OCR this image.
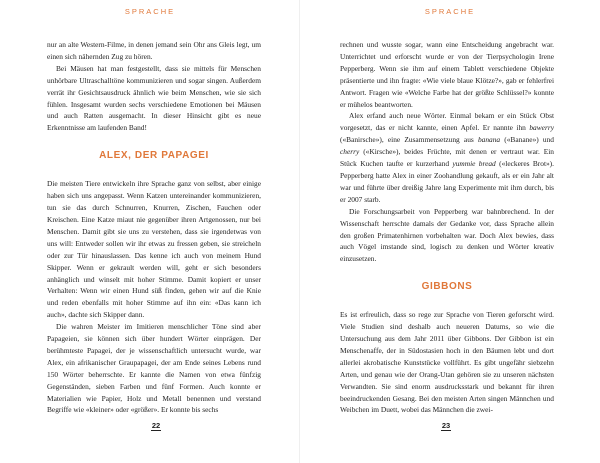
SPRACHE

nur an alte Western-Filme, in denen jemand sein Ohr ans Gleis legt, um einen sich nähernden Zug zu hören.

Bei Mäusen hat man festgestellt, dass sie mittels für Menschen unhörbare Ultraschalltöne kommunizieren und sogar singen. Außerdem verrät ihr Gesichtsausdruck ähnlich wie beim Menschen, wie sie sich fühlen. Insgesamt wurden sechs verschiedene Emotionen bei Mäusen und auch Ratten ausgemacht. In dieser Hinsicht gibt es neue Erkenntnisse am laufenden Band!

ALEX, DER PAPAGEI

Die meisten Tiere entwickeln ihre Sprache ganz von selbst, aber einige haben sich uns angepasst. Wenn Katzen untereinander kommunizieren, tun sie das durch Schnurren, Knurren, Zischen, Fauchen oder Kreischen. Eine Katze miaut nie gegenüber ihren Artgenossen, nur bei Menschen. Damit gibt sie uns zu verstehen, dass sie irgendetwas von uns will: Entweder sollen wir ihr etwas zu fressen geben, sie streicheln oder zur Tür hinauslassen. Das kenne ich auch von meinem Hund Skipper. Wenn er gekrault werden will, geht er sich besonders anhänglich und winselt mit hoher Stimme. Damit kopiert er unser Verhalten: Wenn wir einen Hund süß finden, gehen wir auf die Knie und reden ebenfalls mit hoher Stimme auf ihn ein: «Das kann ich auch», dachte sich Skipper dann.

Die wahren Meister im Imitieren menschlicher Töne sind aber Papageien, sie können sich über hundert Wörter einprägen. Der berühmteste Papagei, der je wissenschaftlich untersucht wurde, war Alex, ein afrikanischer Graupapagei, der am Ende seines Lebens rund 150 Wörter beherrschte. Er kannte die Namen von etwa fünfzig Gegenständen, sieben Farben und fünf Formen. Auch konnte er Materialien wie Papier, Holz und Metall benennen und verstand Begriffe wie «kleiner» oder «größer». Er konnte bis sechs

22
SPRACHE

rechnen und wusste sogar, wann eine Entscheidung angebracht war. Unterrichtet und erforscht wurde er von der Tierpsychologin Irene Pepperberg. Wenn sie ihm auf einem Tablett verschiedene Objekte präsentierte und ihn fragte: «Wie viele blaue Klötze?», gab er fehlerfrei Antwort. Fragen wie «Welche Farbe hat der größte Schlüssel?» konnte er mühelos beantworten.

Alex erfand auch neue Wörter. Einmal bekam er ein Stück Obst vorgesetzt, das er nicht kannte, einen Apfel. Er nannte ihn bawerry («Banirsche»), eine Zusammensetzung aus banana («Banane») und cherry («Kirsche»), beides Früchte, mit denen er vertraut war. Ein Stück Kuchen taufte er kurzerhand yummie bread («leckeres Brot»). Pepperberg hatte Alex in einer Zoohandlung gekauft, als er ein Jahr alt war und führte über dreißig Jahre lang Experimente mit ihm durch, bis er 2007 starb.

Die Forschungsarbeit von Pepperberg war bahnbrechend. In der Wissenschaft herrschte damals der Gedanke vor, dass Sprache allein den großen Primatenhirnen vorbehalten war. Doch Alex bewies, dass auch Vögel imstande sind, logisch zu denken und Wörter kreativ einzusetzen.

GIBBONS

Es ist erfreulich, dass so rege zur Sprache von Tieren geforscht wird. Viele Studien sind deshalb auch neueren Datums, so wie die Untersuchung aus dem Jahr 2011 über Gibbons. Der Gibbon ist ein Menschenaffe, der in Südostasien hoch in den Bäumen lebt und dort allerlei akrobatische Kunststücke vollführt. Es gibt ungefähr siebzehn Arten, und genau wie der Orang-Utan gehören sie zu unseren nächsten Verwandten. Sie sind enorm ausdrucksstark und bekannt für ihren beeindruckenden Gesang. Bei den meisten Arten singen Männchen und Weibchen im Duett, wobei das Männchen die zwei-

23
